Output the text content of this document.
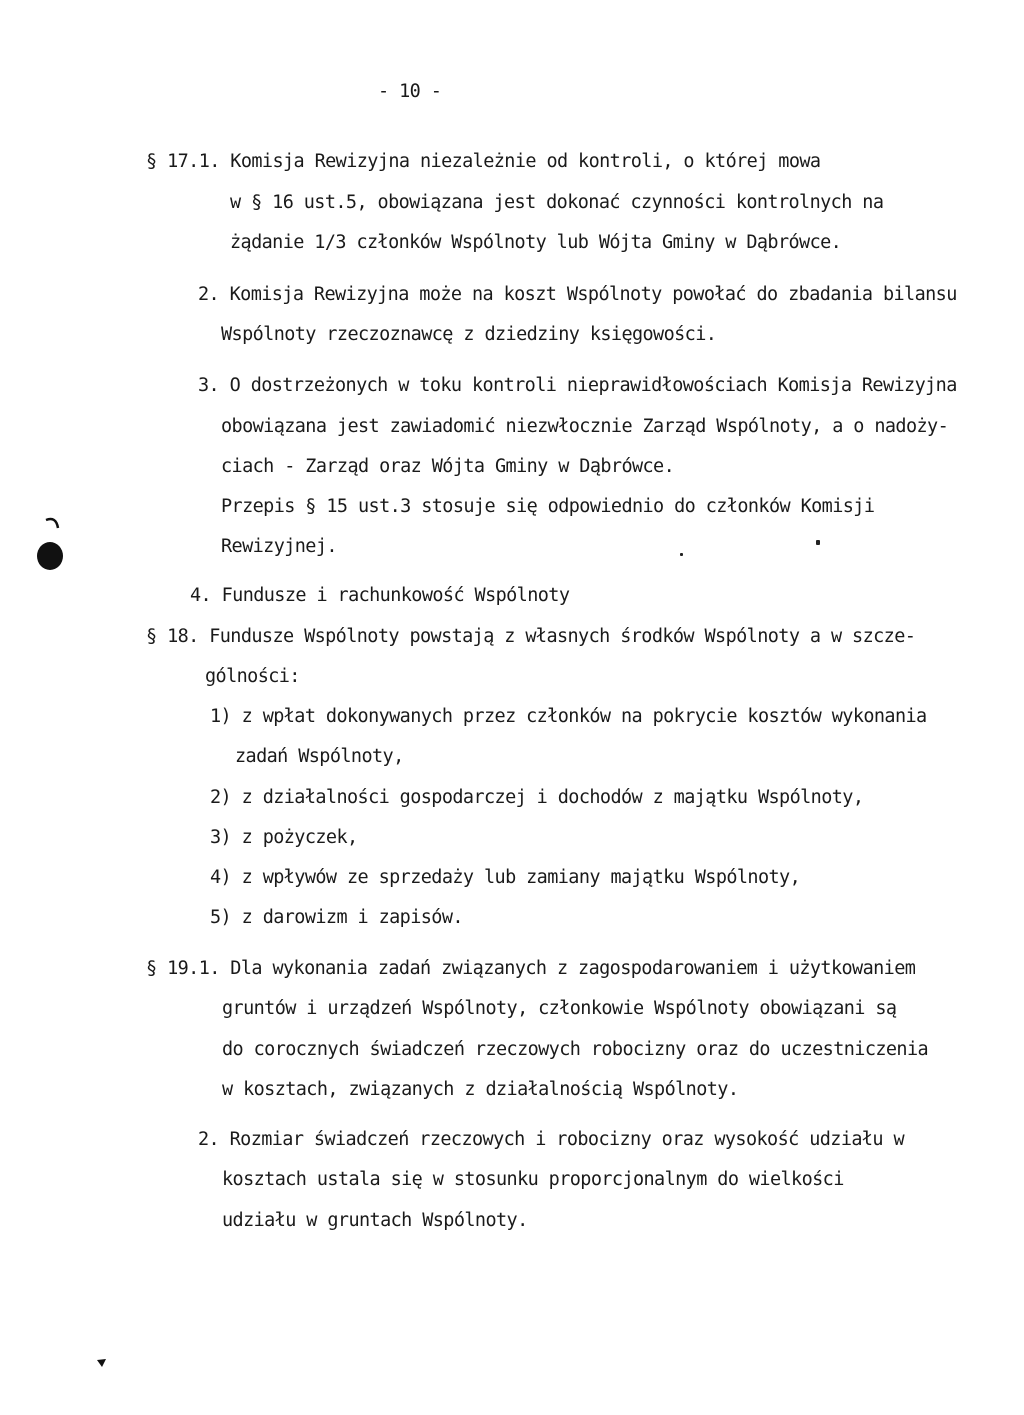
- 10 -
§ 17.1. Komisja Rewizyjna niezależnie od kontroli, o której mowa
w § 16 ust.5, obowiązana jest dokonać czynności kontrolnych na
żądanie 1/3 członków Wspólnoty lub Wójta Gminy w Dąbrówce.
2. Komisja Rewizyjna może na koszt Wspólnoty powołać do zbadania bilansu
Wspólnoty rzeczoznawcę z dziedziny księgowości.
3. O dostrzeżonych w toku kontroli nieprawidłowościach Komisja Rewizyjna
obowiązana jest zawiadomić niezwłocznie Zarząd Wspólnoty, a o nadoży-
ciach - Zarząd oraz Wójta Gminy w Dąbrówce.
Przepis § 15 ust.3 stosuje się odpowiednio do członków Komisji
Rewizyjnej.
4. Fundusze i rachunkowość Wspólnoty
§ 18. Fundusze Wspólnoty powstają z własnych środków Wspólnoty a w szcze-
gólności:
1) z wpłat dokonywanych przez członków na pokrycie kosztów wykonania
zadań Wspólnoty,
2) z działalności gospodarczej i dochodów z majątku Wspólnoty,
3) z pożyczek,
4) z wpływów ze sprzedaży lub zamiany majątku Wspólnoty,
5) z darowizm i zapisów.
§ 19.1. Dla wykonania zadań związanych z zagospodarowaniem i użytkowaniem
gruntów i urządzeń Wspólnoty, członkowie Wspólnoty obowiązani są
do corocznych świadczeń rzeczowych robocizny oraz do uczestniczenia
w kosztach, związanych z działalnością Wspólnoty.
2. Rozmiar świadczeń rzeczowych i robocizny oraz wysokość udziału w
kosztach ustala się w stosunku proporcjonalnym do wielkości
udziału w gruntach Wspólnoty.
